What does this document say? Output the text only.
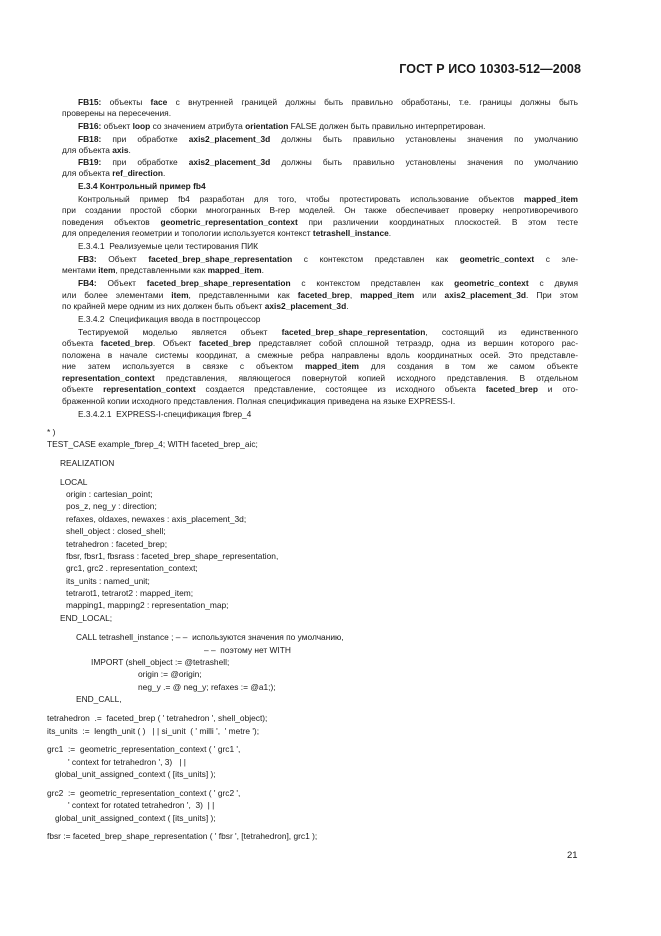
ГОСТ Р ИСО 10303-512—2008
FB15: объекты face с внутренней границей должны быть правильно обработаны, т.е. границы должны быть
проверены на пересечения.
FB16: объект loop со значением атрибута orientation FALSE должен быть правильно интерпретирован.
FB18: при обработке axis2_placement_3d должны быть правильно установлены значения по умолчанию
для объекта axis.
FB19: при обработке axis2_placement_3d должны быть правильно установлены значения по умолчанию
для объекта ref_direction.
Е.3.4 Контрольный пример fb4
Контрольный пример fb4 разработан для того, чтобы протестировать использование объектов mapped_item
при создании простой сборки многогранных В-rep моделей. Он также обеспечивает проверку непротиворечивого
поведения объектов geometric_representation_context при различении координатных плоскостей. В этом тесте
для определения геометрии и топологии используется контекст tetrashell_instance.
Е.3.4.1  Реализуемые цели тестирования ПИК
FB3: Объект faceted_brep_shape_representation с контекстом представлен как geometric_context с эле-
ментами item, представленными как mapped_item.
FB4: Объект faceted_brep_shape_representation с контекстом представлен как geometric_context с двумя
или более элементами item, представленными как faceted_brep, mapped_item или axis2_placement_3d. При этом
по крайней мере одним из них должен быть объект axis2_placement_3d.
Е.3.4.2  Спецификация ввода в постпроцессор
Тестируемой моделью является объект faceted_brep_shape_representation, состоящий из единственного
объекта faceted_brep. Объект faceted_brep представляет собой сплошной тетраэдр, одна из вершин которого рас-
положена в начале системы координат, а смежные ребра направлены вдоль координатных осей. Это представле-
ние затем используется в связке с объектом mapped_item для создания в том же самом объекте
representation_context представления, являющегося повернутой копией исходного представления. В отдельном
объекте representation_context создается представление, состоящее из исходного объекта faceted_brep и ото-
браженной копии исходного представления. Полная спецификация приведена на языке EXPRESS-I.
Е.3.4.2.1  EXPRESS-I-спецификация fbrep_4
* )
TEST_CASE example_fbrep_4; WITH faceted_brep_aic;
REALIZATION
LOCAL
origin : cartesian_point;
pos_z, neg_y : direction;
refaxes, oldaxes, newaxes : axis_placement_3d;
shell_object : closed_shell;
tetrahedron : faceted_brep;
fbsr, fbsr1, fbsrass : faceted_brep_shape_representation,
grc1, grc2 . representation_context;
its_units : named_unit;
tetrarot1, tetrarot2 : mapped_item;
mapping1, mappıng2 : representation_map;
END_LOCAL;
CALL tetrashell_instance ; – –  используются значения по умолчанию,
– –  поэтому нет WITH
IMPORT (shell_object := @tetrashell;
origin := @origin;
neg_y .= @ neg_y; refaxes := @a1;);
END_CALL,
tetrahedron  .=  faceted_brep ( ' tetrahedron ', shell_object);
its_units  :=  length_unit ( )   | | si_unit  ( ' milli ',  ' metre ');
grc1  :=  geometric_representation_context ( ' grc1 ',
' context for tetrahedron ', 3)   | |
global_unit_assigned_context ( [its_units] );
grc2  :=  geometric_representation_context ( ' grc2 ',
' context for rotated tetrahedron ',  3)  | |
global_unit_assigned_context ( [its_units] );
fbsr := faceted_brep_shape_representation ( ' fbsr ', [tetrahedron], grc1 );
21
